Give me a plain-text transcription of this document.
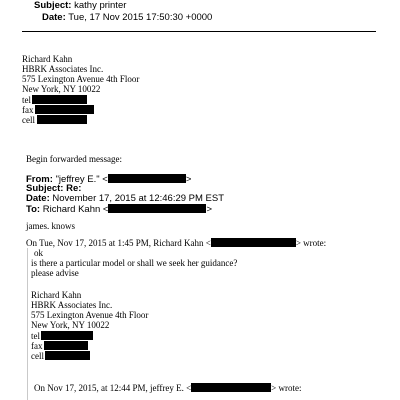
Subject: kathy printer
Date: Tue, 17 Nov 2015 17:50:30 +0000
Richard Kahn
HBRK Associates Inc.
575 Lexington Avenue 4th Floor
New York, NY 10022
tel
fax
cell
Begin forwarded message:
From: "jeffrey E." <	>
Subject: Re:
Date: November 17, 2015 at 12:46:29 PM EST
To: Richard Kahn <	>
james. knows
On Tue, Nov 17, 2015 at 1:45 PM, Richard Kahn <	> wrote:
ok
is there a particular model or shall we seek her guidance?
please advise
Richard Kahn
HBRK Associates Inc.
575 Lexington Avenue 4th Floor
New York, NY 10022
tel
fax
cell
On Nov 17, 2015, at 12:44 PM, jeffrey E. <	> wrote:
